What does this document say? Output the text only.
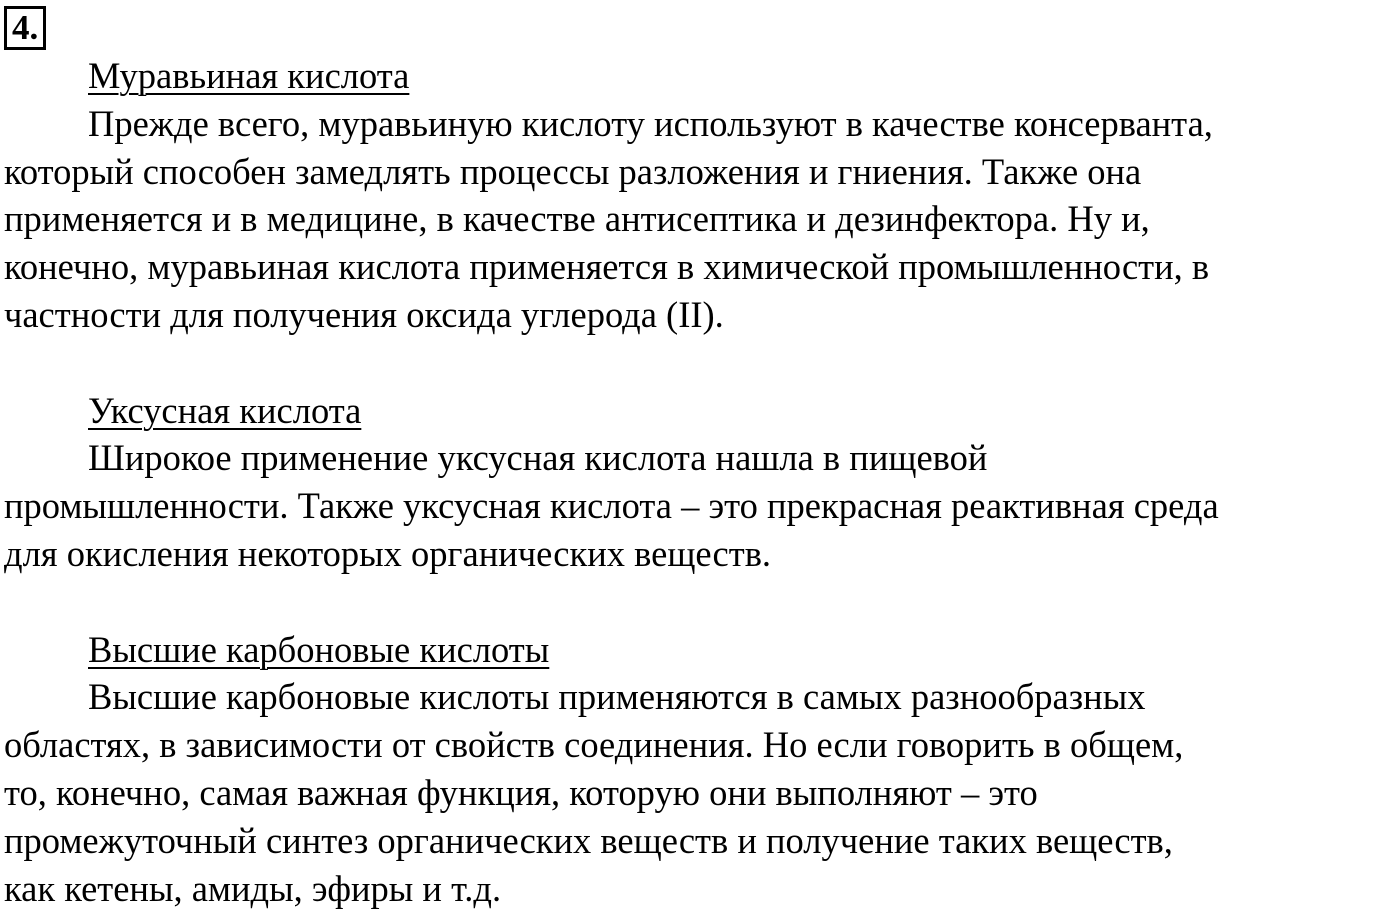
4.

Муравьиная кислота

Прежде всего, муравьиную кислоту используют в качестве консерванта,

который способен замедлять процессы разложения и гниения. Также она

применяется и в медицине, в качестве антисептика и дезинфектора. Ну и,

конечно, муравьиная кислота применяется в химической промышленности, в

частности для получения оксида углерода (II).

Уксусная кислота

Широкое применение уксусная кислота нашла в пищевой

промышленности. Также уксусная кислота – это прекрасная реактивная среда

для окисления некоторых органических веществ.

Высшие карбоновые кислоты

Высшие карбоновые кислоты применяются в самых разнообразных

областях, в зависимости от свойств соединения. Но если говорить в общем,

то, конечно, самая важная функция, которую они выполняют – это

промежуточный синтез органических веществ и получение таких веществ,

как кетены, амиды, эфиры и т.д.
